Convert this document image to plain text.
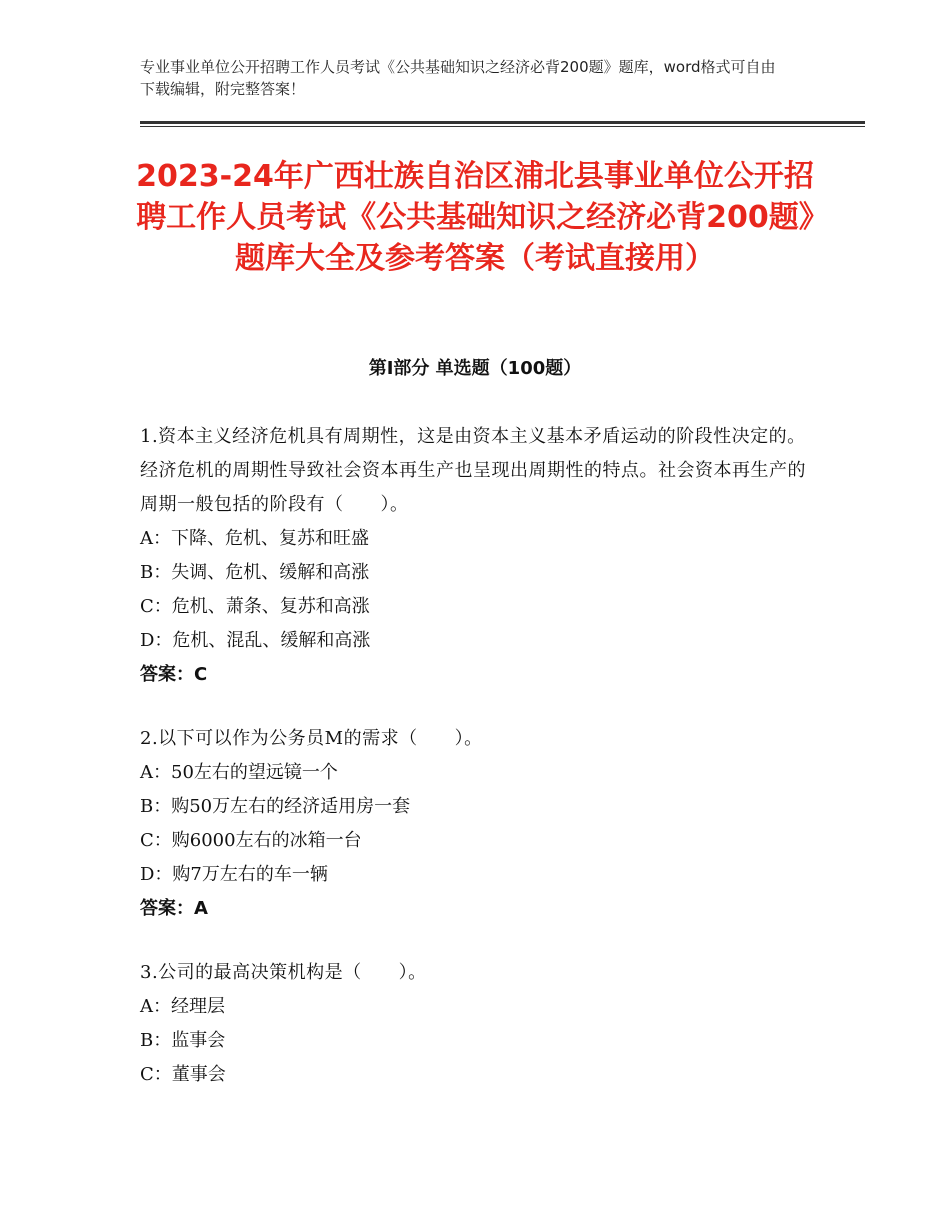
专业事业单位公开招聘工作人员考试《公共基础知识之经济必背200题》题库，word格式可自由下载编辑，附完整答案！
2023-24年广西壮族自治区浦北县事业单位公开招聘工作人员考试《公共基础知识之经济必背200题》题库大全及参考答案（考试直接用）
第Ⅰ部分 单选题（100题）

1.资本主义经济危机具有周期性，这是由资本主义基本矛盾运动的阶段性决定的。经济危机的周期性导致社会资本再生产也呈现出周期性的特点。社会资本再生产的周期一般包括的阶段有（　　）。

A：下降、危机、复苏和旺盛

B：失调、危机、缓解和高涨

C：危机、萧条、复苏和高涨

D：危机、混乱、缓解和高涨

答案：C

2.以下可以作为公务员M的需求（　　）。

A：50左右的望远镜一个

B：购50万左右的经济适用房一套

C：购6000左右的冰箱一台

D：购7万左右的车一辆

答案：A

3.公司的最高决策机构是（　　）。

A：经理层

B：监事会

C：董事会
